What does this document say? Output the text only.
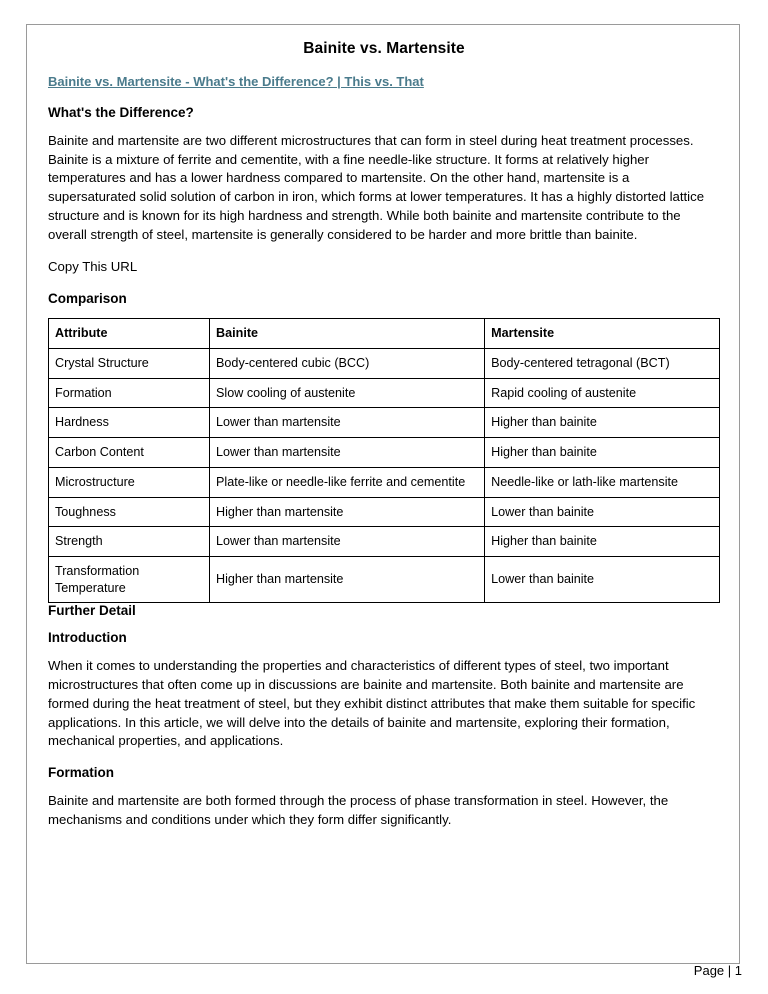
Bainite vs. Martensite
Bainite vs. Martensite - What's the Difference? | This vs. That
What's the Difference?

Bainite and martensite are two different microstructures that can form in steel during heat treatment processes. Bainite is a mixture of ferrite and cementite, with a fine needle-like structure. It forms at relatively higher temperatures and has a lower hardness compared to martensite. On the other hand, martensite is a supersaturated solid solution of carbon in iron, which forms at lower temperatures. It has a highly distorted lattice structure and is known for its high hardness and strength. While both bainite and martensite contribute to the overall strength of steel, martensite is generally considered to be harder and more brittle than bainite.

Copy This URL

Comparison
Attribute	Bainite	Martensite
Crystal Structure	Body-centered cubic (BCC)	Body-centered tetragonal (BCT)
Formation	Slow cooling of austenite	Rapid cooling of austenite
Hardness	Lower than martensite	Higher than bainite
Carbon Content	Lower than martensite	Higher than bainite
Microstructure	Plate-like or needle-like ferrite and cementite	Needle-like or lath-like martensite
Toughness	Higher than martensite	Lower than bainite
Strength	Lower than martensite	Higher than bainite
Transformation Temperature	Higher than martensite	Lower than bainite
Further Detail
Introduction

When it comes to understanding the properties and characteristics of different types of steel, two important microstructures that often come up in discussions are bainite and martensite. Both bainite and martensite are formed during the heat treatment of steel, but they exhibit distinct attributes that make them suitable for specific applications. In this article, we will delve into the details of bainite and martensite, exploring their formation, mechanical properties, and applications.

Formation

Bainite and martensite are both formed through the process of phase transformation in steel. However, the mechanisms and conditions under which they form differ significantly.

Page | 1
